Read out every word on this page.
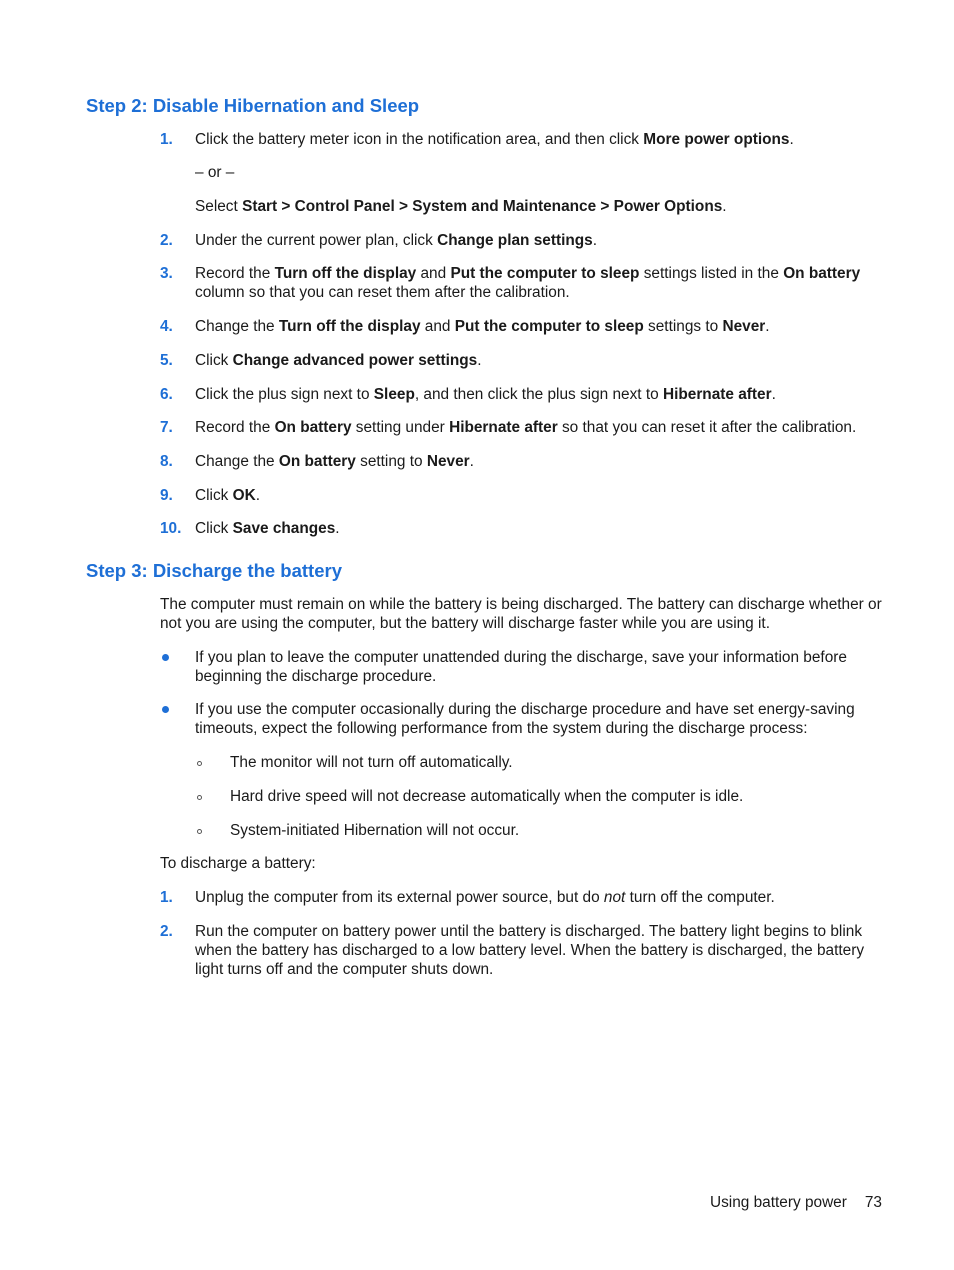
Step 2: Disable Hibernation and Sleep
1. Click the battery meter icon in the notification area, and then click More power options.
– or –
Select Start > Control Panel > System and Maintenance > Power Options.
2. Under the current power plan, click Change plan settings.
3. Record the Turn off the display and Put the computer to sleep settings listed in the On battery column so that you can reset them after the calibration.
4. Change the Turn off the display and Put the computer to sleep settings to Never.
5. Click Change advanced power settings.
6. Click the plus sign next to Sleep, and then click the plus sign next to Hibernate after.
7. Record the On battery setting under Hibernate after so that you can reset it after the calibration.
8. Change the On battery setting to Never.
9. Click OK.
10. Click Save changes.
Step 3: Discharge the battery
The computer must remain on while the battery is being discharged. The battery can discharge whether or not you are using the computer, but the battery will discharge faster while you are using it.
If you plan to leave the computer unattended during the discharge, save your information before beginning the discharge procedure.
If you use the computer occasionally during the discharge procedure and have set energy-saving timeouts, expect the following performance from the system during the discharge process:
The monitor will not turn off automatically.
Hard drive speed will not decrease automatically when the computer is idle.
System-initiated Hibernation will not occur.
To discharge a battery:
1. Unplug the computer from its external power source, but do not turn off the computer.
2. Run the computer on battery power until the battery is discharged. The battery light begins to blink when the battery has discharged to a low battery level. When the battery is discharged, the battery light turns off and the computer shuts down.
Using battery power 73
